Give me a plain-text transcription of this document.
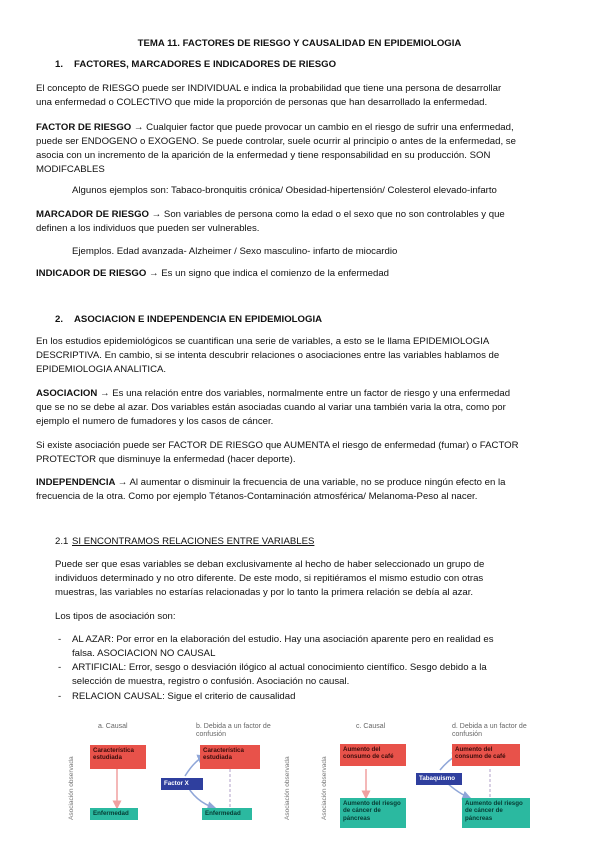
TEMA 11. FACTORES DE RIESGO Y CAUSALIDAD EN EPIDEMIOLOGIA
1. FACTORES, MARCADORES E INDICADORES DE RIESGO
El concepto de RIESGO puede ser INDIVIDUAL e indica la probabilidad que tiene una persona de desarrollar
una enfermedad o COLECTIVO que mide la proporción de personas que han desarrollado la enfermedad.
FACTOR DE RIESGO → Cualquier factor que puede provocar un cambio en el riesgo de sufrir una enfermedad,
puede ser ENDOGENO o EXOGENO. Se puede controlar, suele ocurrir al principio o antes de la enfermedad, se
asocia con un incremento de la aparición de la enfermedad y tiene responsabilidad en su producción. SON
MODIFCABLES
Algunos ejemplos son: Tabaco-bronquitis crónica/ Obesidad-hipertensión/ Colesterol elevado-infarto
MARCADOR DE RIESGO → Son variables de persona como la edad o el sexo que no son controlables y que
definen a los individuos que pueden ser vulnerables.
Ejemplos. Edad avanzada- Alzheimer / Sexo masculino- infarto de miocardio
INDICADOR DE RIESGO → Es un signo que indica el comienzo de la enfermedad
2. ASOCIACION E INDEPENDENCIA EN EPIDEMIOLOGIA
En los estudios epidemiológicos se cuantifican una serie de variables, a esto se le llama EPIDEMIOLOGIA
DESCRIPTIVA. En cambio, si se intenta descubrir relaciones o asociaciones entre las variables hablamos de
EPIDEMIOLOGIA ANALITICA.
ASOCIACION → Es una relación entre dos variables, normalmente entre un factor de riesgo y una enfermedad
que se no se debe al azar. Dos variables están asociadas cuando al variar una también varia la otra, como por
ejemplo el numero de fumadores y los casos de cáncer.
Si existe asociación puede ser FACTOR DE RIESGO que AUMENTA el riesgo de enfermedad (fumar) o FACTOR
PROTECTOR que disminuye la enfermedad (hacer deporte).
INDEPENDENCIA → Al aumentar o disminuir la frecuencia de una variable, no se produce ningún efecto en la
frecuencia de la otra. Como por ejemplo Tétanos-Contaminación atmosférica/ Melanoma-Peso al nacer.
2.1 SI ENCONTRAMOS RELACIONES ENTRE VARIABLES
Puede ser que esas variables se deban exclusivamente al hecho de haber seleccionado un grupo de
individuos determinado y no otro diferente. De este modo, si repitiéramos el mismo estudio con otras
muestras, las variables no estarías relacionadas y por lo tanto la primera relación se debía al azar.
Los tipos de asociación son:
- AL AZAR: Por error en la elaboración del estudio. Hay una asociación aparente pero en realidad es
falsa. ASOCIACION NO CAUSAL
- ARTIFICIAL: Error, sesgo o desviación ilógico al actual conocimiento científico. Sesgo debido a la
selección de muestra, registro o confusión. Asociación no causal.
- RELACION CAUSAL: Sigue el criterio de causalidad
Asociación observada	Asociación observada	Asociación observada
a. Causal
Característica estudiada
Enfermedad
b. Debida a un factor de confusión
Característica estudiada
Factor X
Enfermedad
c. Causal
Aumento del consumo de café
Aumento del riesgo de cáncer de páncreas
d. Debida a un factor de confusión
Aumento del consumo de café
Tabaquismo
Aumento del riesgo de cáncer de páncreas
